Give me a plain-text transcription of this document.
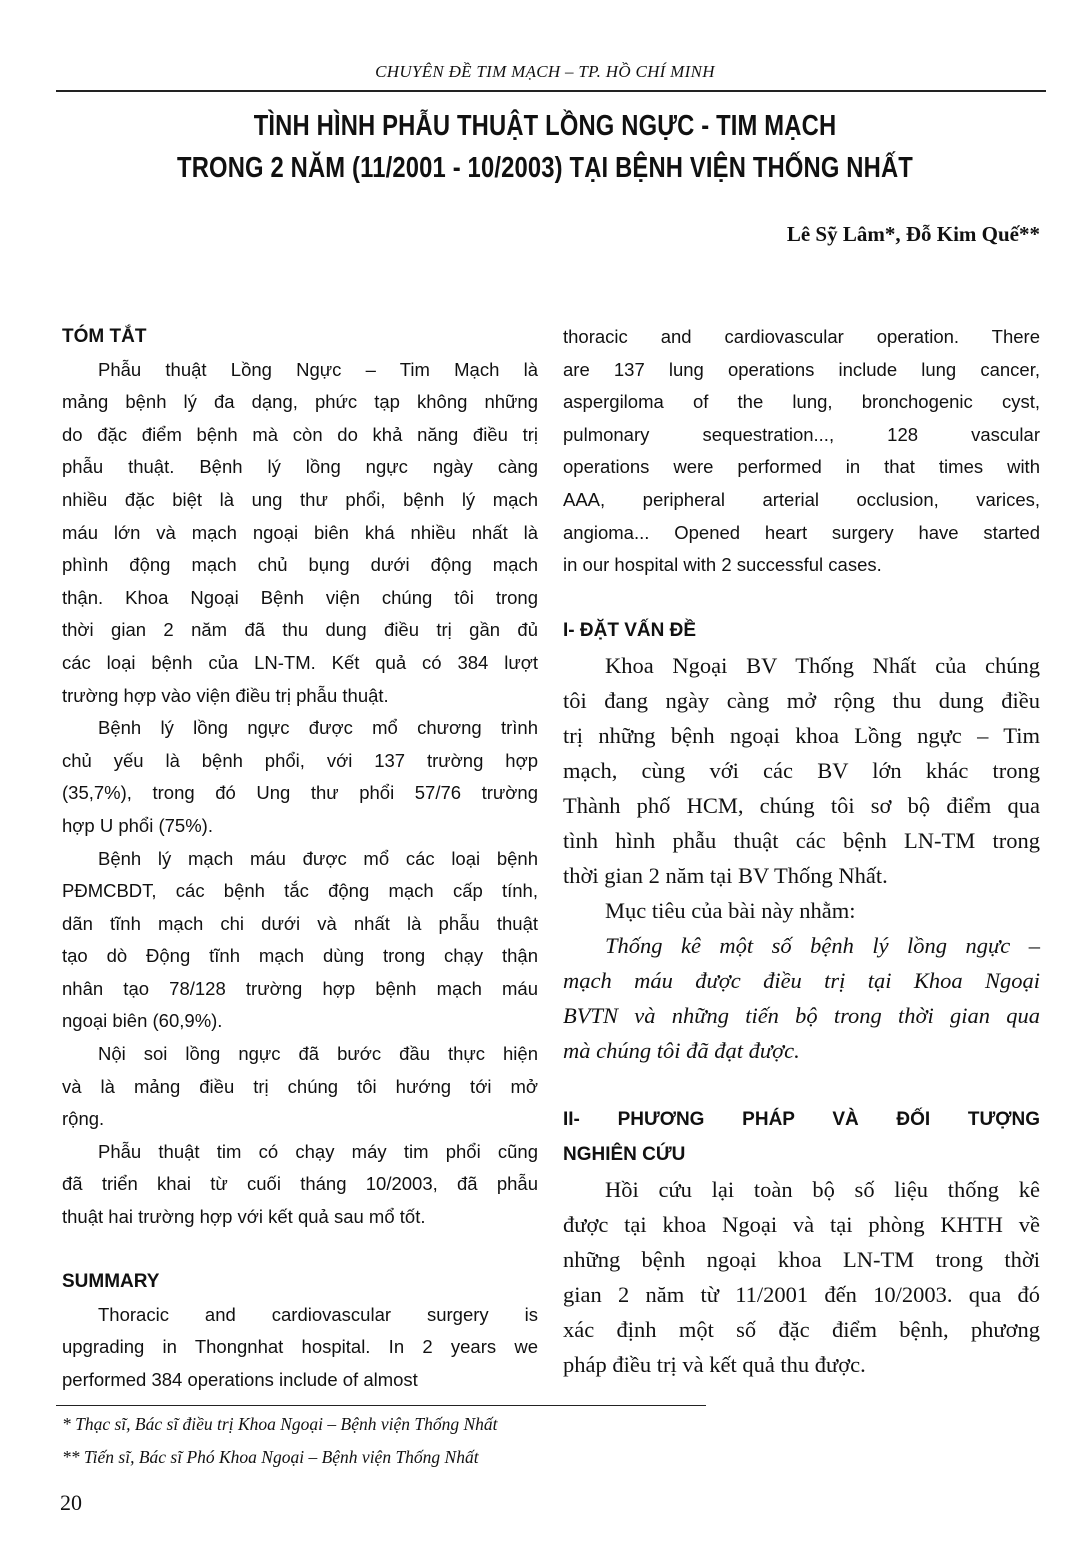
CHUYÊN ĐỀ TIM MẠCH – TP. HỒ CHÍ MINH
TÌNH HÌNH PHẪU THUẬT LỒNG NGỰC - TIM MẠCH
TRONG 2 NĂM (11/2001 - 10/2003) TẠI BỆNH VIỆN THỐNG NHẤT
Lê Sỹ Lâm*, Đỗ Kim Quế**
TÓM TẮT
Phẫu thuật Lồng Ngực – Tim Mạch là
mảng bệnh lý đa dạng, phức tạp không những
do đặc điểm bệnh mà còn do khả năng điều trị
phẫu thuật. Bệnh lý lồng ngực ngày càng
nhiều đặc biệt là ung thư phổi, bệnh lý mạch
máu lớn và mạch ngoại biên khá nhiều nhất là
phình động mạch chủ bụng dưới động mạch
thận. Khoa Ngoại Bệnh viện chúng tôi trong
thời gian 2 năm đã thu dung điều trị gần đủ
các loại bệnh của LN-TM. Kết quả có 384 lượt
trường hợp vào viện điều trị phẫu thuật.
Bệnh lý lồng ngực được mổ chương trình
chủ yếu là bệnh phổi, với 137 trường hợp
(35,7%), trong đó Ung thư phổi 57/76 trường
hợp U phổi (75%).
Bệnh lý mạch máu được mổ các loại bệnh
PĐMCBDT, các bệnh tắc động mạch cấp tính,
dãn tĩnh mạch chi dưới và nhất là phẫu thuật
tạo dò Động tĩnh mạch dùng trong chạy thận
nhân tạo 78/128 trường hợp bệnh mạch máu
ngoại biên (60,9%).
Nội soi lồng ngực đã bước đầu thực hiện
và là mảng điều trị chúng tôi hướng tới mở
rộng.
Phẫu thuật tim có chạy máy tim phổi cũng
đã triển khai từ cuối tháng 10/2003, đã phẫu
thuật hai trường hợp với kết quả sau mổ tốt.
SUMMARY
Thoracic and cardiovascular surgery is
upgrading in Thongnhat hospital. In 2 years we
performed 384 operations include of almost
thoracic and cardiovascular operation. There
are 137 lung operations include lung cancer,
aspergiloma of the lung, bronchogenic cyst,
pulmonary sequestration..., 128 vascular
operations were performed in that times with
AAA, peripheral arterial occlusion, varices,
angioma... Opened heart surgery have started
in our hospital with 2 successful cases.
I- ĐẶT VẤN ĐỀ
Khoa Ngoại BV Thống Nhất của chúng
tôi đang ngày càng mở rộng thu dung điều
trị những bệnh ngoại khoa Lồng ngực – Tim
mạch, cùng với các BV lớn khác trong
Thành phố HCM, chúng tôi sơ bộ điểm qua
tình hình phẫu thuật các bệnh LN-TM trong
thời gian 2 năm tại BV Thống Nhất.
Mục tiêu của bài này nhằm:
Thống kê một số bệnh lý lồng ngực –
mạch máu được điều trị tại Khoa Ngoại
BVTN và những tiến bộ trong thời gian qua
mà chúng tôi đã đạt được.
II- PHƯƠNG PHÁP VÀ ĐỐI TƯỢNG
NGHIÊN CỨU
Hồi cứu lại toàn bộ số liệu thống kê
được tại khoa Ngoại và tại phòng KHTH về
những bệnh ngoại khoa LN-TM trong thời
gian 2 năm từ 11/2001 đến 10/2003. qua đó
xác định một số đặc điểm bệnh, phương
pháp điều trị và kết quả thu được.
* Thạc sĩ, Bác sĩ điều trị Khoa Ngoại – Bệnh viện Thống Nhất
** Tiến sĩ, Bác sĩ Phó Khoa Ngoại – Bệnh viện Thống Nhất
20
